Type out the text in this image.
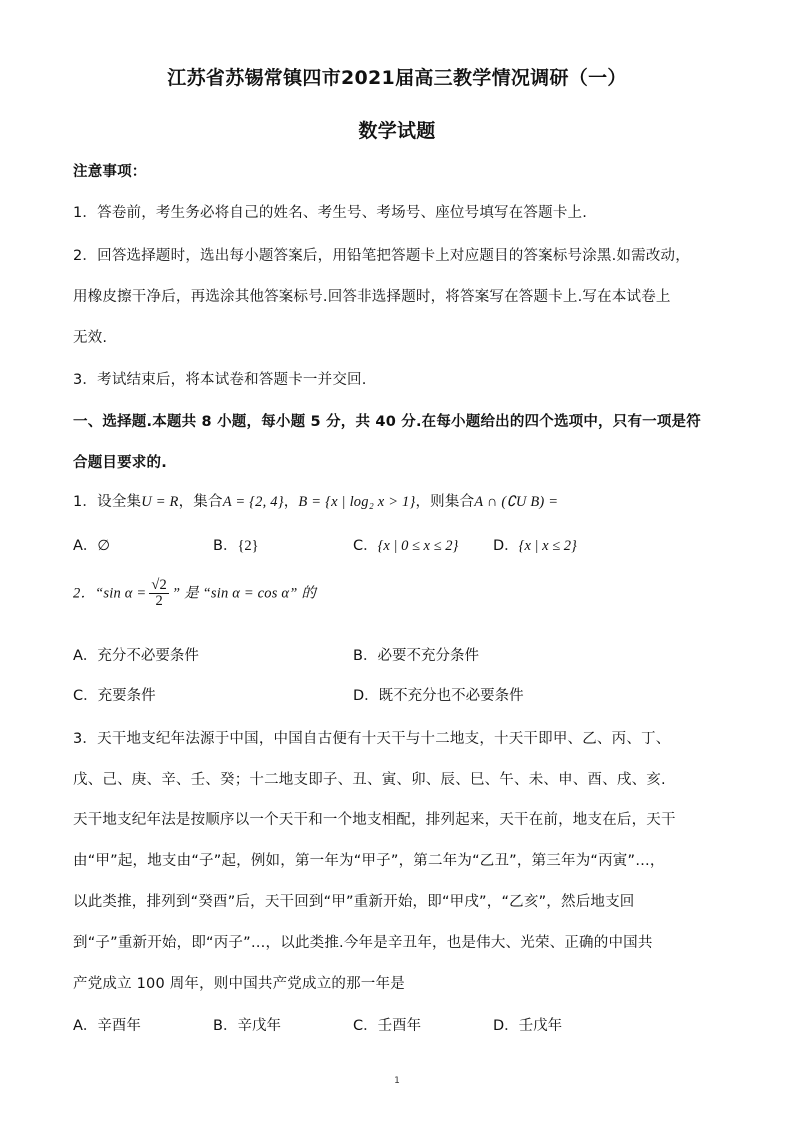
江苏省苏锡常镇四市2021届高三教学情况调研（一）
数学试题
注意事项：
1．答卷前，考生务必将自己的姓名、考生号、考场号、座位号填写在答题卡上.
2．回答选择题时，选出每小题答案后，用铅笔把答题卡上对应题目的答案标号涂黑.如需改动，
用橡皮擦干净后，再选涂其他答案标号.回答非选择题时，将答案写在答题卡上.写在本试卷上
无效.
3．考试结束后，将本试卷和答题卡一并交回.
一、选择题.本题共 8 小题，每小题 5 分，共 40 分.在每小题给出的四个选项中，只有一项是符
合题目要求的.
1．设全集U = R，集合A = {2, 4}，B = {x | log₂ x > 1}，则集合A ∩ (∁U B) =
A．∅	B．{2}	C．{x | 0 ≤ x ≤ 2} D．{x | x ≤ 2}
2．“sin $\alpha = \frac{√2}{2}$ ” 是 “sin α = cos α” 的
A．充分不必要条件	B．必要不充分条件
C．充要条件	D．既不充分也不必要条件
3．天干地支纪年法源于中国，中国自古便有十天干与十二地支，十天干即甲、乙、丙、丁、
戊、己、庚、辛、壬、癸；十二地支即子、丑、寅、卯、辰、巳、午、未、申、酉、戌、亥.
天干地支纪年法是按顺序以一个天干和一个地支相配，排列起来，天干在前，地支在后，天干
由“甲”起，地支由“子”起，例如，第一年为“甲子”，第二年为“乙丑”，第三年为“丙寅”…，
以此类推，排列到“癸酉”后，天干回到“甲”重新开始，即“甲戌”，“乙亥”，然后地支回
到“子”重新开始，即“丙子”…，以此类推.今年是辛丑年，也是伟大、光荣、正确的中国共
产党成立 100 周年，则中国共产党成立的那一年是
A．辛酉年	B．辛戊年	C．壬酉年	D．壬戊年
1
